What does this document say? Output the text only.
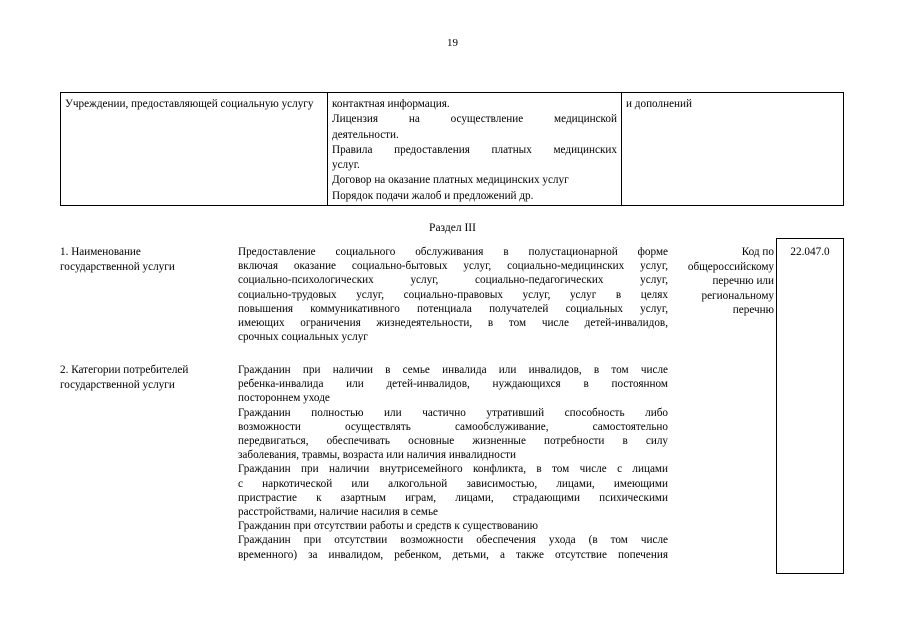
19
Учреждении, предоставляющей социальную услугу	контактная информация.
Лицензия на осуществление медицинской
деятельности.
Правила предоставления платных медицинских
услуг.
Договор на оказание платных медицинских услуг
Порядок подачи жалоб и предложений др.
и дополнений
Раздел III
1. Наименование государственной услуги
Предоставление социального обслуживания в полустационарной форме
включая оказание социально-бытовых услуг, социально-медицинских услуг,
социально-психологических услуг, социально-педагогических услуг,
социально-трудовых услуг, социально-правовых услуг, услуг в целях
повышения коммуникативного потенциала получателей социальных услуг,
имеющих ограничения жизнедеятельности, в том числе детей-инвалидов,
срочных социальных услуг
Код по общероссийскому перечню или региональному перечню
22.047.0
2. Категории потребителей государственной услуги
Гражданин при наличии в семье инвалида или инвалидов, в том числе
ребенка-инвалида или детей-инвалидов, нуждающихся в постоянном
постороннем уходе
Гражданин полностью или частично утративший способность либо
возможности осуществлять самообслуживание, самостоятельно
передвигаться, обеспечивать основные жизненные потребности в силу
заболевания, травмы, возраста или наличия инвалидности
Гражданин при наличии внутрисемейного конфликта, в том числе с лицами
с наркотической или алкогольной зависимостью, лицами, имеющими
пристрастие к азартным играм, лицами, страдающими психическими
расстройствами, наличие насилия в семье
Гражданин при отсутствии работы и средств к существованию
Гражданин при отсутствии возможности обеспечения ухода (в том числе
временного) за инвалидом, ребенком, детьми, а также отсутствие попечения
